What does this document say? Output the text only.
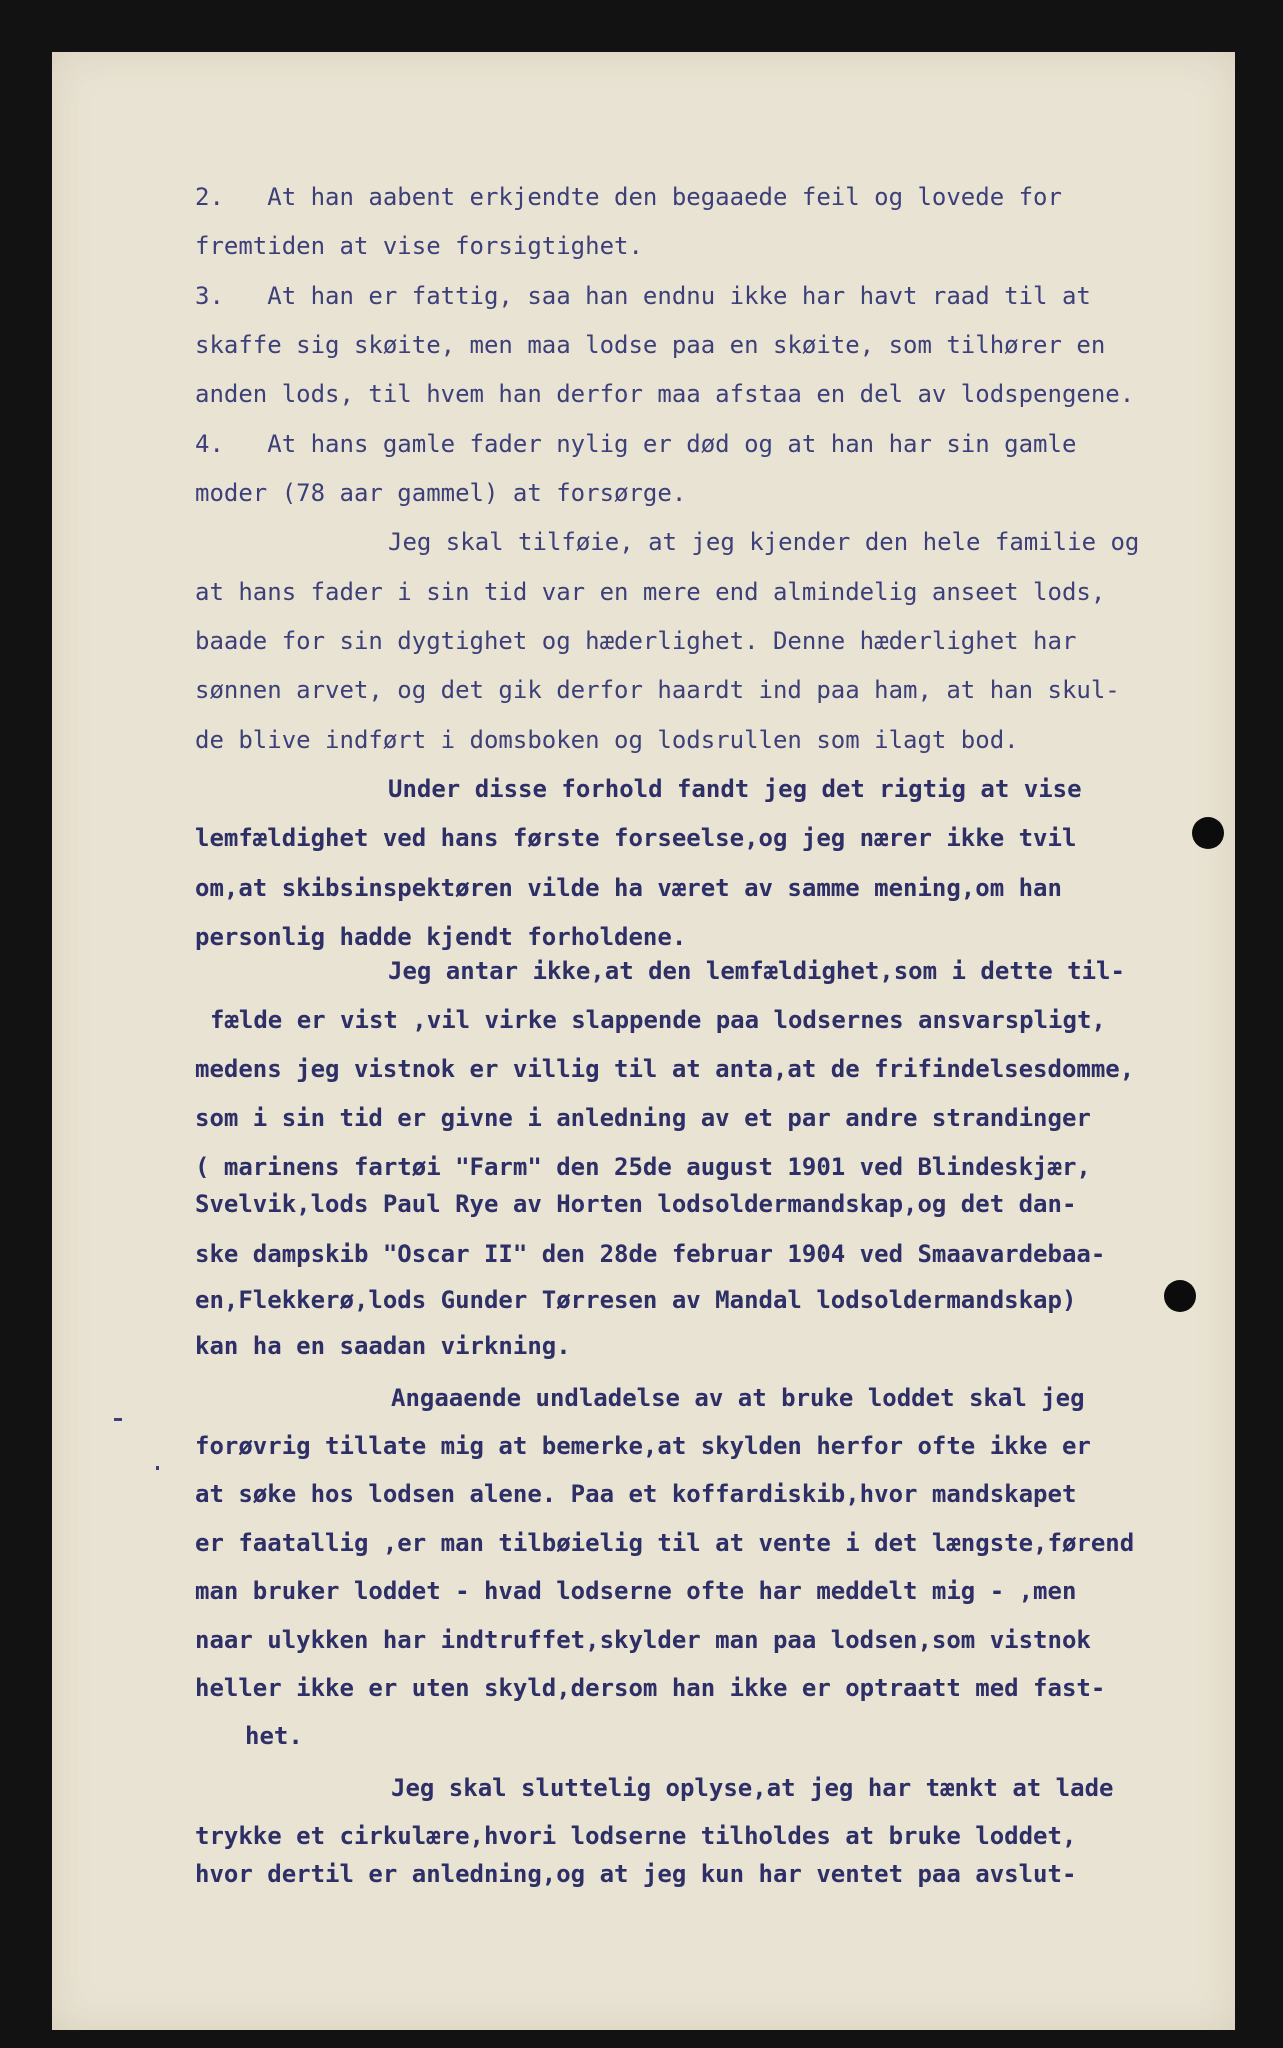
2.   At han aabent erkjendte den begaaede feil og lovede for

fremtiden at vise forsigtighet.

3.   At han er fattig, saa han endnu ikke har havt raad til at

skaffe sig skøite, men maa lodse paa en skøite, som tilhører en

anden lods, til hvem han derfor maa afstaa en del av lodspengene.

4.   At hans gamle fader nylig er død og at han har sin gamle

moder (78 aar gammel) at forsørge.

Jeg skal tilføie, at jeg kjender den hele familie og

at hans fader i sin tid var en mere end almindelig anseet lods,

baade for sin dygtighet og hæderlighet. Denne hæderlighet har

sønnen arvet, og det gik derfor haardt ind paa ham, at han skul-

de blive indført i domsboken og lodsrullen som ilagt bod.

Under disse forhold fandt jeg det rigtig at vise

lemfældighet ved hans første forseelse,og jeg nærer ikke tvil

om,at skibsinspektøren vilde ha været av samme mening,om han

personlig hadde kjendt forholdene.

Jeg antar ikke,at den lemfældighet,som i dette til-

fælde er vist ,vil virke slappende paa lodsernes ansvarspligt,

medens jeg vistnok er villig til at anta,at de frifindelsesdomme,

som i sin tid er givne i anledning av et par andre strandinger

( marinens fartøi "Farm" den 25de august 1901 ved Blindeskjær,

Svelvik,lods Paul Rye av Horten lodsoldermandskap,og det dan-

ske dampskib "Oscar II" den 28de februar 1904 ved Smaavardebaa-

en,Flekkerø,lods Gunder Tørresen av Mandal lodsoldermandskap)

kan ha en saadan virkning.

Angaaende undladelse av at bruke loddet skal jeg

forøvrig tillate mig at bemerke,at skylden herfor ofte ikke er

at søke hos lodsen alene. Paa et koffardiskib,hvor mandskapet

er faatallig ,er man tilbøielig til at vente i det længste,førend

man bruker loddet - hvad lodserne ofte har meddelt mig - ,men

naar ulykken har indtruffet,skylder man paa lodsen,som vistnok

heller ikke er uten skyld,dersom han ikke er optraatt med fast-

het.

Jeg skal sluttelig oplyse,at jeg har tænkt at lade

trykke et cirkulære,hvori lodserne tilholdes at bruke loddet,

hvor dertil er anledning,og at jeg kun har ventet paa avslut-
